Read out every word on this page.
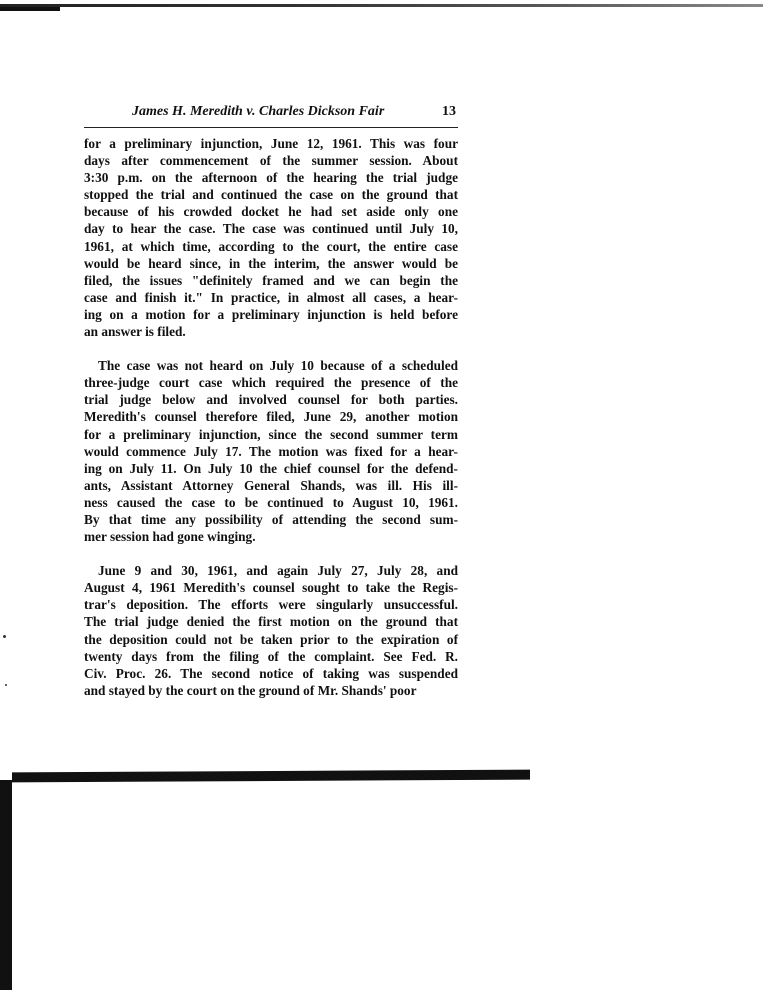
James H. Meredith v. Charles Dickson Fair	13
for a preliminary injunction, June 12, 1961. This was four
days after commencement of the summer session. About
3:30 p.m. on the afternoon of the hearing the trial judge
stopped the trial and continued the case on the ground that
because of his crowded docket he had set aside only one
day to hear the case. The case was continued until July 10,
1961, at which time, according to the court, the entire case
would be heard since, in the interim, the answer would be
filed, the issues "definitely framed and we can begin the
case and finish it." In practice, in almost all cases, a hear-
ing on a motion for a preliminary injunction is held before
an answer is filed.
The case was not heard on July 10 because of a scheduled
three-judge court case which required the presence of the
trial judge below and involved counsel for both parties.
Meredith's counsel therefore filed, June 29, another motion
for a preliminary injunction, since the second summer term
would commence July 17. The motion was fixed for a hear-
ing on July 11. On July 10 the chief counsel for the defend-
ants, Assistant Attorney General Shands, was ill. His ill-
ness caused the case to be continued to August 10, 1961.
By that time any possibility of attending the second sum-
mer session had gone winging.
June 9 and 30, 1961, and again July 27, July 28, and
August 4, 1961 Meredith's counsel sought to take the Regis-
trar's deposition. The efforts were singularly unsuccessful.
The trial judge denied the first motion on the ground that
the deposition could not be taken prior to the expiration of
twenty days from the filing of the complaint. See Fed. R.
Civ. Proc. 26. The second notice of taking was suspended
and stayed by the court on the ground of Mr. Shands' poor
